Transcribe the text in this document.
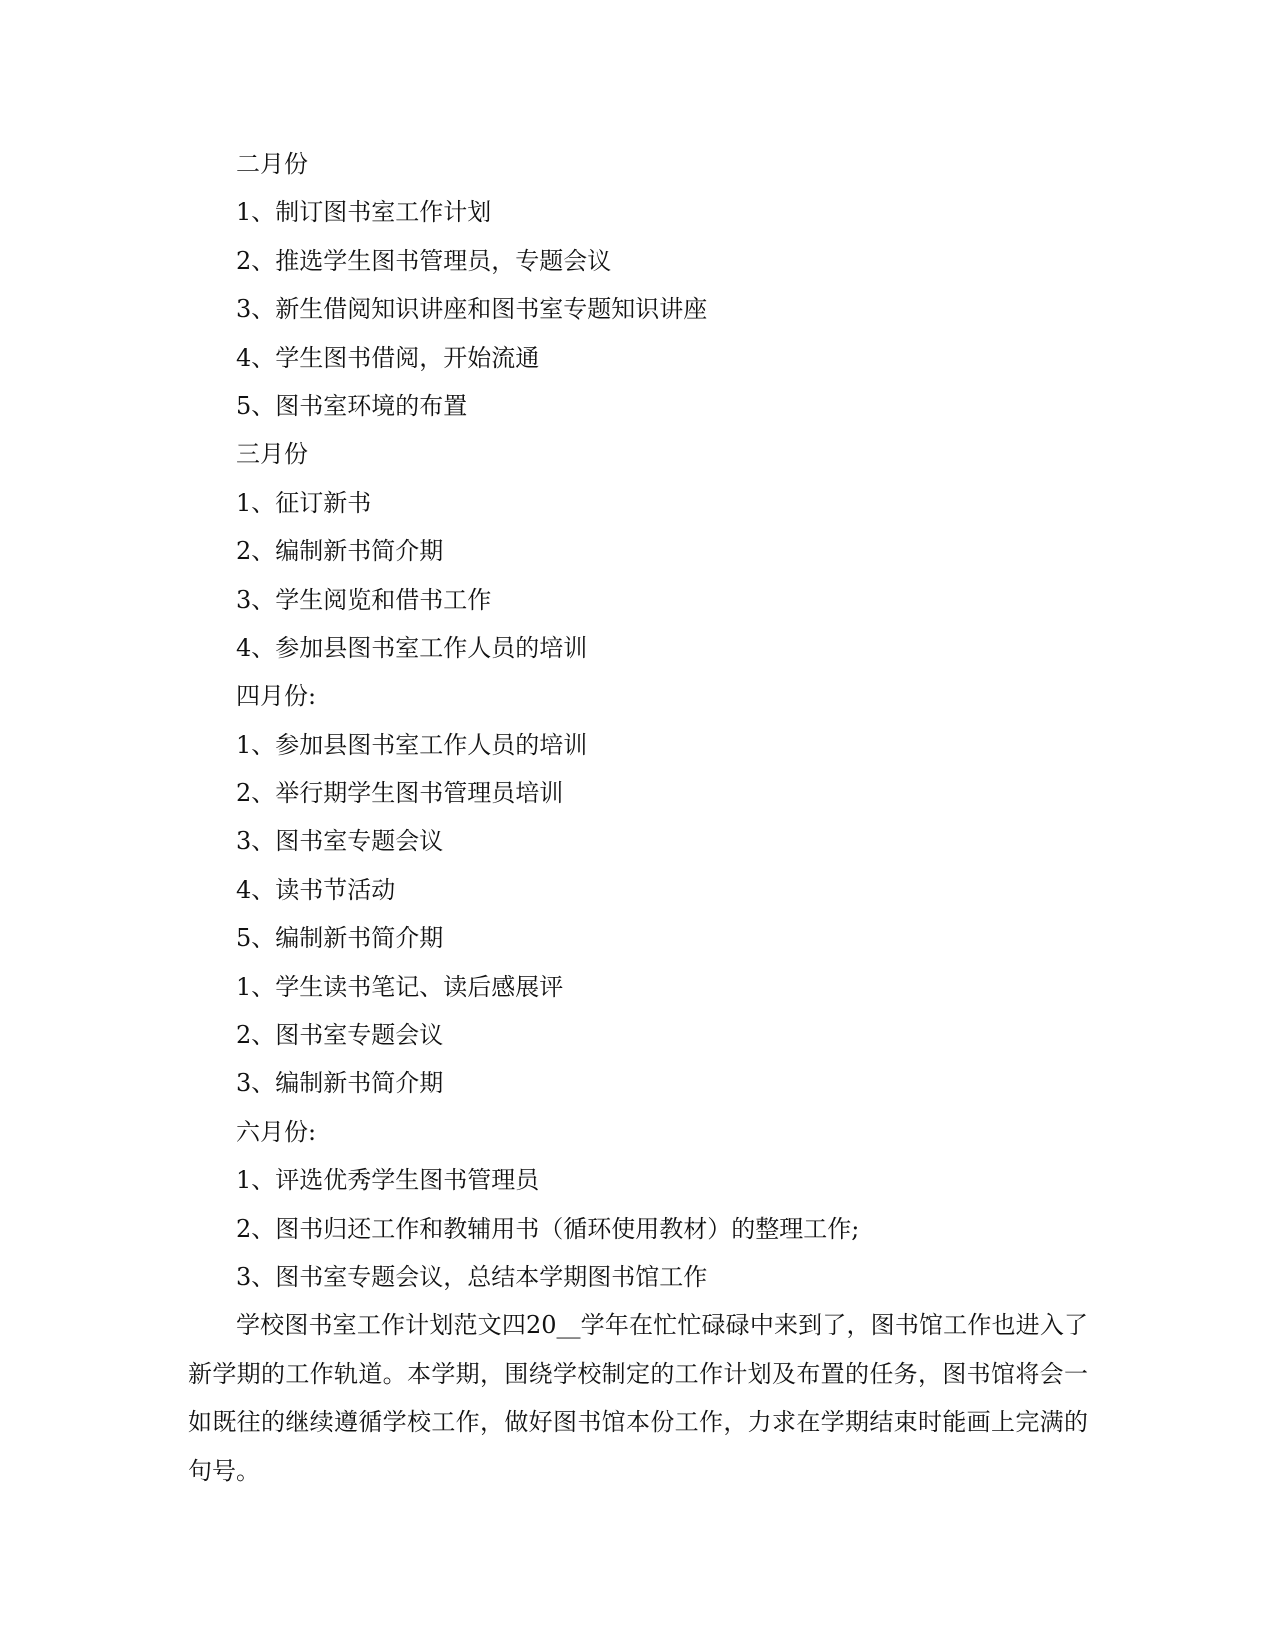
二月份
1、制订图书室工作计划
2、推选学生图书管理员，专题会议
3、新生借阅知识讲座和图书室专题知识讲座
4、学生图书借阅，开始流通
5、图书室环境的布置
三月份
1、征订新书
2、编制新书简介期
3、学生阅览和借书工作
4、参加县图书室工作人员的培训
四月份:
1、参加县图书室工作人员的培训
2、举行期学生图书管理员培训
3、图书室专题会议
4、读书节活动
5、编制新书简介期
1、学生读书笔记、读后感展评
2、图书室专题会议
3、编制新书简介期
六月份:
1、评选优秀学生图书管理员
2、图书归还工作和教辅用书（循环使用教材）的整理工作;
3、图书室专题会议，总结本学期图书馆工作
学校图书室工作计划范文四20__学年在忙忙碌碌中来到了，图书馆工作也进入了新学期的工作轨道。本学期，围绕学校制定的工作计划及布置的任务，图书馆将会一如既往的继续遵循学校工作，做好图书馆本份工作，力求在学期结束时能画上完满的句号。
